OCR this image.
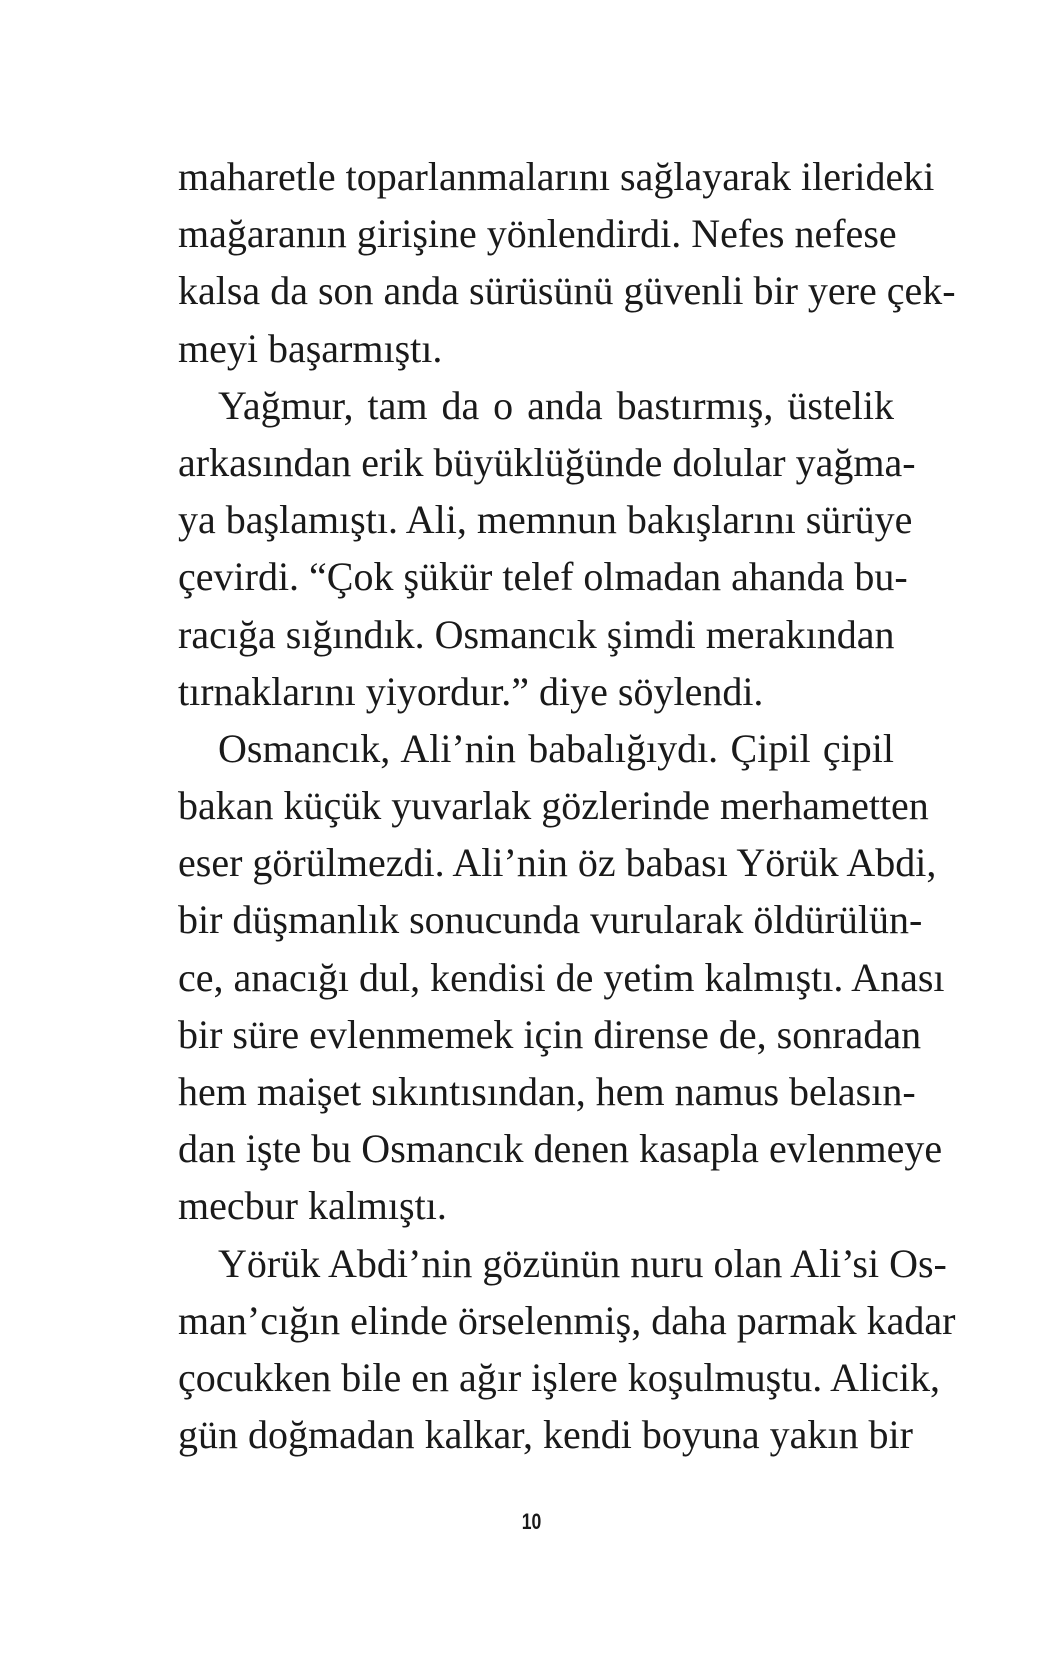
maharetle toparlanmalarını sağlayarak ilerideki
mağaranın girişine yönlendirdi. Nefes nefese
kalsa da son anda sürüsünü güvenli bir yere çek-
meyi başarmıştı.
Yağmur, tam da o anda bastırmış, üstelik
arkasından erik büyüklüğünde dolular yağma-
ya başlamıştı. Ali, memnun bakışlarını sürüye
çevirdi. “Çok şükür telef olmadan ahanda bu-
racığa sığındık. Osmancık şimdi merakından
tırnaklarını yiyordur.” diye söylendi.
Osmancık, Ali’nin babalığıydı. Çipil çipil
bakan küçük yuvarlak gözlerinde merhametten
eser görülmezdi. Ali’nin öz babası Yörük Abdi,
bir düşmanlık sonucunda vurularak öldürülün-
ce, anacığı dul, kendisi de yetim kalmıştı. Anası
bir süre evlenmemek için dirense de, sonradan
hem maişet sıkıntısından, hem namus belasın-
dan işte bu Osmancık denen kasapla evlenmeye
mecbur kalmıştı.
Yörük Abdi’nin gözünün nuru olan Ali’si Os-
man’cığın elinde örselenmiş, daha parmak kadar
çocukken bile en ağır işlere koşulmuştu. Alicik,
gün doğmadan kalkar, kendi boyuna yakın bir
10
